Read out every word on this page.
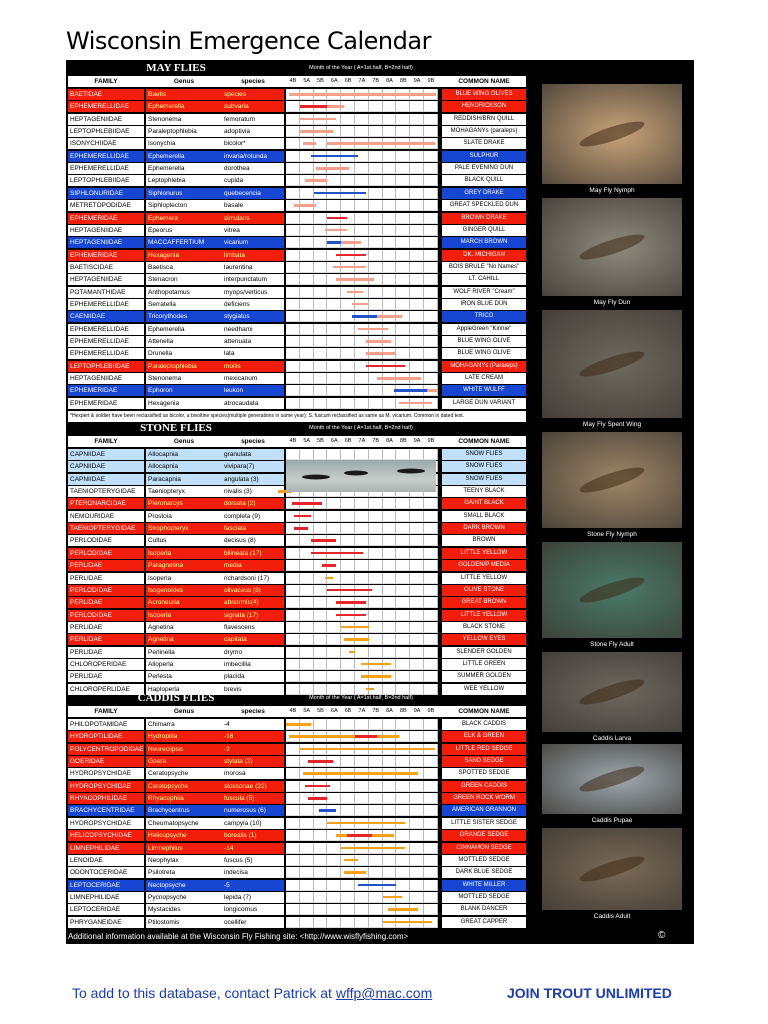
Wisconsin Emergence Calendar
MAY FLIES	Month of the Year ( A=1st.half, B=2nd half)
FAMILY	Genus	species	4B	5A	5B	6A	6B	7A	7B	8A	8B	9A	9B	COMMON NAME
BAETIDAE	Baetis	species	BLUE WING OLIVES
EPHEMERELLIDAE	Ephemerella	subvaria	HENDRICKSON
HEPTAGENIIDAE	Stenonema	femoratum	REDDISH/BRN QUILL
LEPTOPHLEBIIDAE	Paraleptophlebia	adoptivia	MOHAGANYs (paraleps)
ISONYCHIIDAE	Isonychia	bicolor*	SLATE DRAKE
EPHEMERELLIDAE	Ephemerella	invaria/rotunda	SULPHUR
EPHEMERELLIDAE	Ephemerella	dorothea	PALE EVENING DUN
LEPTOPHLEBIIDAE	Leptophlebia	cupida	BLACK QUILL
SIPHLONURIDAE	Siphlonurus	quebecencia	GREY DRAKE
METRETOPODIDAE	Siphloplecton	basale	GREAT SPECKLED DUN
EPHEMERIDAE	Ephemera	simulans	BROWN DRAKE
HEPTAGENIIDAE	Epeorus	vitrea	GINGER QUILL
HEPTAGENIIDAE	MACCAFFERTIUM	vicarium	MARCH BROWN
EPHEMERIDAE	Hexagenia	limbata	DK. MICHIGAN
BAETISCIDAE	Baetisca	laurentina	BOIS BRULE "No Names"
HEPTAGENIIDAE	Stenacron	interpunctatum	LT. CAHILL
POTAMANTHIDAE	Anthopotamus	myops/verticus	WOLF RIVER "Cream"
EPHEMERELLIDAE	Serratella	deficiens	IRON BLUE DUN
CAENIIDAE	Tricorythodes	stygiatus	TRICO
EPHEMERELLIDAE	Ephemerella	needhami	AppleGreen "Kinnie"
EPHEMERELLIDAE	Attenella	attenuata	BLUE WING OLIVE
EPHEMERELLIDAE	Drunella	lata	BLUE WING OLIVE
LEPTOPHLEBIIDAE	Paraleptophlebia	mollis	MOHAGANYs (Paraleps)
HEPTAGENIIDAE	Stenonema	mexicanum	LATE CREAM
EPHEMERIDAE	Ephoron	leukon	WHITE WULFF
EPHEMERIDAE	Hexagenia	atrocaudata	LARGE DUN VARIANT
*Hexpert & soldier have been reclassified as bicolor, a bivoltine species(multiple generations in same year); S. fuscum reclassified as same as M. vicarium. Common in dated text.
STONE FLIES	Month of the Year ( A=1st.half, B=2nd half)
FAMILY	Genus	species	4B	5A	5B	6A	6B	7A	7B	8A	8B	9A	9B	COMMON NAME
CAPNIIDAE	Allocapnia	granulata	SNOW FLIES
CAPNIIDAE	Allocapnia	vivipara(7)	SNOW FLIES
CAPNIIDAE	Paracapnia	angulata (3)	SNOW FLIES
TAENIOPTERYGIDAE	Taeniopteryx	nivalis (3)	TEENY BLACK
PTERONARCIDAE	Pteronarcys	dorsata (2)	GAINT BLACK
NEMOURIDAE	Prostoia	completa (9)	SMALL BLACK
TAENIOPTERYGIDAE	Strophopteryx	fasciata	DARK BROWN
PERLODIDAE	Cultus	decisus (8)	BROWN
PERLODIDAE	Isoperla	bilineata (17)	LITTLE YELLOW
PERLIDAE	Paragnetina	media	GOLDEN/P MEDIA
PERLIDAE	Isoperla	richardsoni (17)	LITTLE YELLOW
PERLODIDAE	Isogenoides	olivaceus (8)	OLIVE STONE
PERLIDAE	Acroneuria	abnormis(4)	GREAT BROWN
PERLODIDAE	Isoperla	signata (17)	LITTLE YELLOW
PERLIDAE	Agnetina	flavescens	BLACK STONE
PERLIDAE	Agnetina	capitata	YELLOW EYES
PERLIDAE	Perlinella	drymo	SLENDER GOLDEN
CHLOROPERIDAE	Alloperla	imbecillia	LITTLE GREEN
PERLIDAE	Perlesta	placida	SUMMER GOLDEN
CHLOROPERLIDAE	Haploperla	brevis	WEE YELLOW
CADDIS FLIES	Month of the Year ( A=1st.half, B=2nd half)
FAMILY	Genus	species	4B	5A	5B	6A	6B	7A	7B	8A	8B	9A	9B	COMMON NAME
PHILOPOTAMIDAE	Chimarra	-4	BLACK CADDIS
HYDROPTILIDAE	Hydroptila	-16	ELK & GREEN
POLYCENTROPODIDAE Neureclipsis	-2	LITTLE RED SEDGE
GOERIDAE	Goera	stylata (2)	SAND SEDGE
HYDROPSYCHIDAE	Ceratopsyche	morosa	SPOTTED SEDGE
HYDROPSYCHIDAE	Ceratopsyche	slossonae (22)	GREEN CADDIS
RHYACOPHILIDAE	Rhyacophila	fuscula (5)	GREEN ROCK WORM
BRACHYCENTRIDAE	Brachycentrus	numerosus (6)	AMERICAN GRANNON
HYDROPSYCHIDAE	Cheumatopsyche	campyla (10)	LITTLE SISTER SEDGE
HELICOPSYCHIDAE	Helicopsyche	borealis (1)	ORANGE SEDGE
LIMNEPHILIDAE	Limnephilus	-14	CINNAMON SEDGE
LENOIDAE	Neophylax	fuscus (5)	MOTTLED SEDGE
ODONTOCERIDAE	Psilotreta	indecisa	DARK BLUE SEDGE
LEPTOCERIDAE	Nectopsyche	-5	WHITE MILLER
LIMNEPHILIDAE	Pycnopsyche	lepida (7)	MOTTLED SEDGE
LEPTOCERIDAE	Mystacides	longicornus	BLANK DANCER
PHRYGANEIDAE	Ptilostomis	ocellifer	GREAT CAPPER
May Fly Nymph
May Fly Dun
May Fly Spent Wing
Stone Fly Nymph
Stone Fly Adult
Caddis Larva
Caddis Pupae
Caddis Adult
Additional information available at the Wisconsin Fly Fishing site: <http://www.wisflyfishing.com>	©
To add to this database, contact Patrick at wffp@mac.com	JOIN TROUT UNLIMITED
